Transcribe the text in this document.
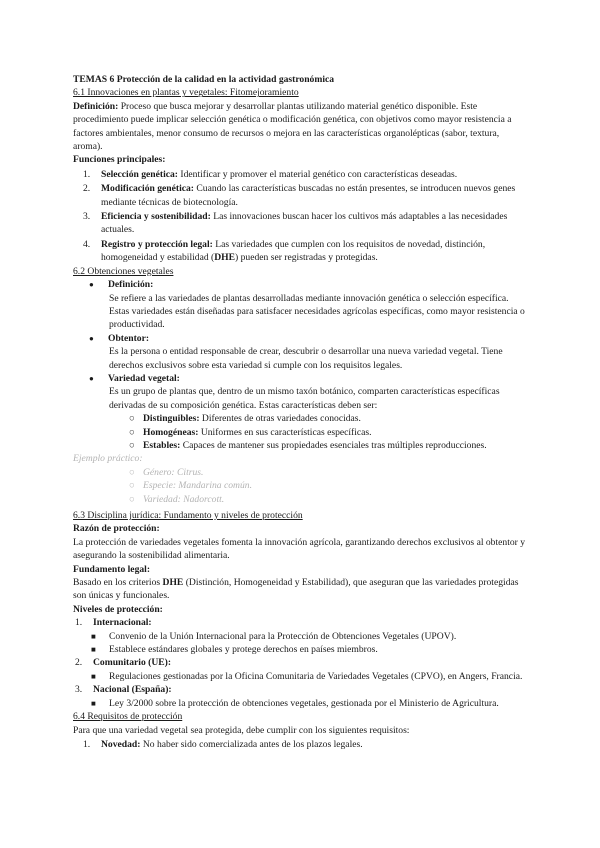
TEMAS 6 Protección de la calidad en la actividad gastronómica
6.1 Innovaciones en plantas y vegetales: Fitomejoramiento

Definición: Proceso que busca mejorar y desarrollar plantas utilizando material genético disponible. Este procedimiento puede implicar selección genética o modificación genética, con objetivos como mayor resistencia a factores ambientales, menor consumo de recursos o mejora en las características organolépticas (sabor, textura, aroma).

Funciones principales:
1. Selección genética: Identificar y promover el material genético con características deseadas.
2. Modificación genética: Cuando las características buscadas no están presentes, se introducen nuevos genes mediante técnicas de biotecnología.
3. Eficiencia y sostenibilidad: Las innovaciones buscan hacer los cultivos más adaptables a las necesidades actuales.
4. Registro y protección legal: Las variedades que cumplen con los requisitos de novedad, distinción, homogeneidad y estabilidad (DHE) pueden ser registradas y protegidas.
6.2 Obtenciones vegetales
● Definición:
Se refiere a las variedades de plantas desarrolladas mediante innovación genética o selección específica. Estas variedades están diseñadas para satisfacer necesidades agrícolas específicas, como mayor resistencia o productividad.
● Obtentor:
Es la persona o entidad responsable de crear, descubrir o desarrollar una nueva variedad vegetal. Tiene derechos exclusivos sobre esta variedad si cumple con los requisitos legales.
● Variedad vegetal:
Es un grupo de plantas que, dentro de un mismo taxón botánico, comparten características específicas derivadas de su composición genética. Estas características deben ser:
○ Distinguibles: Diferentes de otras variedades conocidas.
○ Homogéneas: Uniformes en sus características específicas.
○ Estables: Capaces de mantener sus propiedades esenciales tras múltiples reproducciones.
Ejemplo práctico:
○ Género: Citrus.
○ Especie: Mandarina común.
○ Variedad: Nadorcott.
6.3 Disciplina jurídica: Fundamento y niveles de protección
Razón de protección:

La protección de variedades vegetales fomenta la innovación agrícola, garantizando derechos exclusivos al obtentor y asegurando la sostenibilidad alimentaria.

Fundamento legal:

Basado en los criterios DHE (Distinción, Homogeneidad y Estabilidad), que aseguran que las variedades protegidas son únicas y funcionales.

Niveles de protección:
1. Internacional:
■ Convenio de la Unión Internacional para la Protección de Obtenciones Vegetales (UPOV).
■ Establece estándares globales y protege derechos en países miembros.
2. Comunitario (UE):
■ Regulaciones gestionadas por la Oficina Comunitaria de Variedades Vegetales (CPVO), en Angers, Francia.
3. Nacional (España):
■ Ley 3/2000 sobre la protección de obtenciones vegetales, gestionada por el Ministerio de Agricultura.
6.4 Requisitos de protección

Para que una variedad vegetal sea protegida, debe cumplir con los siguientes requisitos:

1. Novedad: No haber sido comercializada antes de los plazos legales.
